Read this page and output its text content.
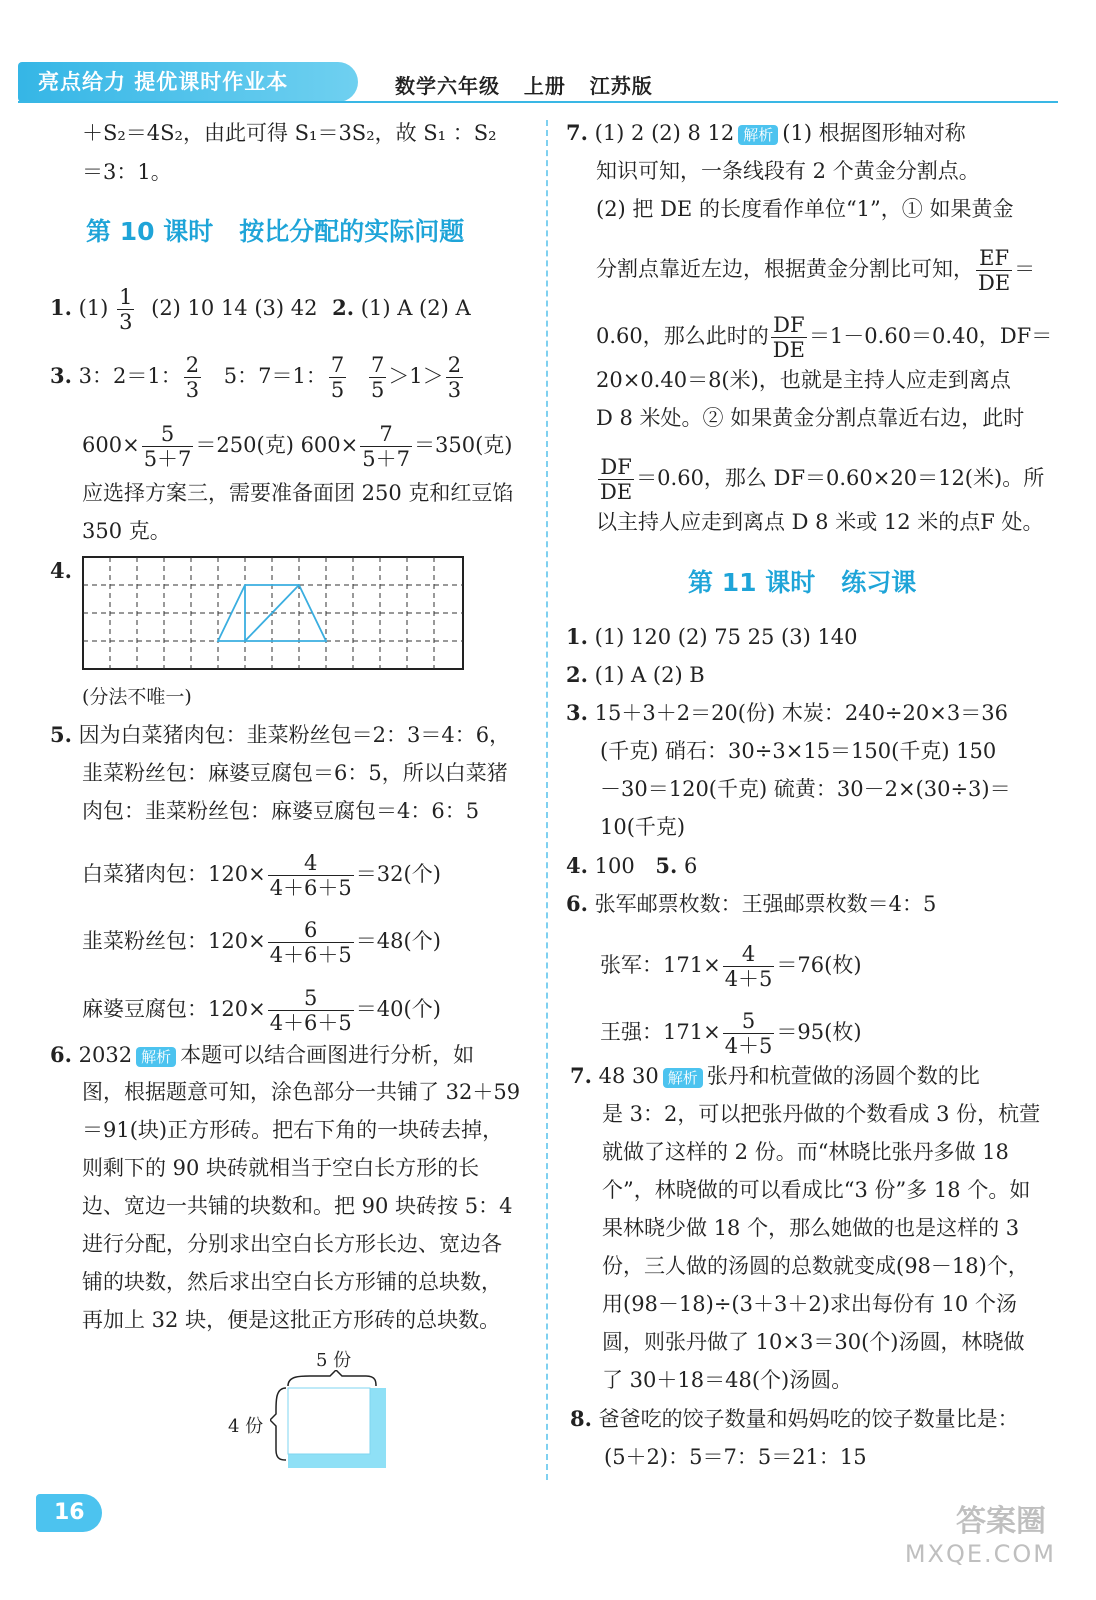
亮点给力 提优课时作业本	数学六年级   上册   江苏版
＋S₂＝4S₂，由此可得 S₁＝3S₂，故 S₁ ：S₂
＝3：1。
第 10 课时   按比分配的实际问题
1. $(1) \frac{1}{3} (2)$ 10 14 (3) 42 2. (1) A (2) A
3. 3：2＝1： $\frac{2}{3} 5$：7＝1： $\frac{7}{5}$
$\frac{7}{5} >1> \frac{2}{3}$
$600\times \frac{5}{5+7} =250$(克) $600\times \frac{7}{5+7} =350$(克)
应选择方案三，需要准备面团 250 克和红豆馅
350 克。
4.
(分法不唯一)
5. 因为白菜猪肉包：韭菜粉丝包＝2：3＝4：6，
韭菜粉丝包：麻婆豆腐包＝6：5，所以白菜猪
肉包：韭菜粉丝包：麻婆豆腐包＝4：6：5
白菜猪肉包：$120\times \frac{4}{4+6+5} =32$(个)
韭菜粉丝包：$120\times \frac{6}{4+6+5} =48$(个)
麻婆豆腐包：$120\times \frac{5}{4+6+5} =40$(个)
6. 2032 解析 本题可以结合画图进行分析，如
图，根据题意可知，涂色部分一共铺了 32＋59
＝91(块)正方形砖。把右下角的一块砖去掉，
则剩下的 90 块砖就相当于空白长方形的长
边、宽边一共铺的块数和。把 90 块砖按 5：4
进行分配，分别求出空白长方形长边、宽边各
铺的块数，然后求出空白长方形铺的总块数，
再加上 32 块，便是这批正方形砖的总块数。
5 份
4 份
7. (1) 2 (2) 8 12 解析 (1) 根据图形轴对称
知识可知，一条线段有 2 个黄金分割点。
(2) 把 DE 的长度看作单位“1”，① 如果黄金
分割点靠近左边，根据黄金分割比可知， $\frac{EF}{DE}$ ＝
0.60，那么此时的 $\frac{DF}{DE} =1-0.60=0.40$，DF＝
20×0.40＝8(米)，也就是主持人应走到离点
D 8 米处。② 如果黄金分割点靠近右边，此时
$\frac{DF}{DE} =0.60$，那么 DF＝0.60×20＝12(米)。所
以主持人应走到离点 D 8 米或 12 米的点F 处。
第 11 课时   练习课
1. (1) 120 (2) 75 25 (3) 140
2. (1) A (2) B
3. 15＋3＋2＝20(份) 木炭：240÷20×3＝36
(千克) 硝石：30÷3×15＝150(千克) 150
－30＝120(千克) 硫黄：30－2×(30÷3)＝
10(千克)
4. 100 5. 6
6. 张军邮票枚数：王强邮票枚数＝4：5
张军：$171\times \frac{4}{4+5} =76$(枚)
王强：$171\times \frac{5}{4+5} =95$(枚)
7. 48 30 解析 张丹和杭萱做的汤圆个数的比
是 3：2，可以把张丹做的个数看成 3 份，杭萱
就做了这样的 2 份。而“林晓比张丹多做 18
个”，林晓做的可以看成比“3 份”多 18 个。如
果林晓少做 18 个，那么她做的也是这样的 3
份，三人做的汤圆的总数就变成(98－18)个，
用(98－18)÷(3＋3＋2)求出每份有 10 个汤
圆，则张丹做了 10×3＝30(个)汤圆，林晓做
了 30＋18＝48(个)汤圆。
8. 爸爸吃的饺子数量和妈妈吃的饺子数量比是：
(5＋2)：5＝7：5＝21：15
16	答案圈
MXQE.COM
